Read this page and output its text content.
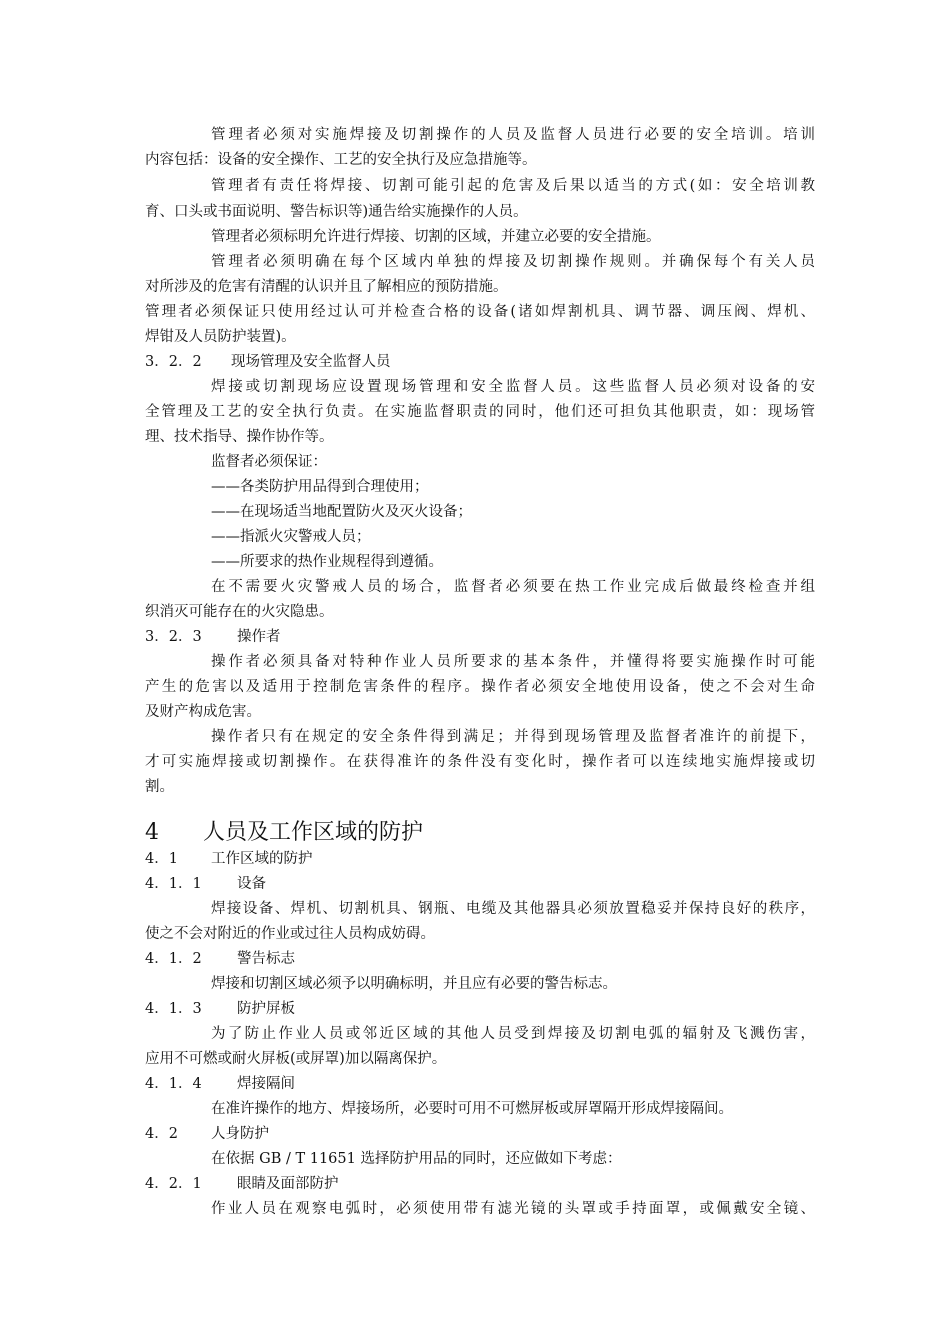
管理者必须对实施焊接及切割操作的人员及监督人员进行必要的安全培训。培训
内容包括：设备的安全操作、工艺的安全执行及应急措施等。
管理者有责任将焊接、切割可能引起的危害及后果以适当的方式(如：安全培训教
育、口头或书面说明、警告标识等)通告给实施操作的人员。
管理者必须标明允许进行焊接、切割的区域，并建立必要的安全措施。
管理者必须明确在每个区域内单独的焊接及切割操作规则。并确保每个有关人员
对所涉及的危害有清醒的认识并且了解相应的预防措施。
管理者必须保证只使用经过认可并检查合格的设备(诸如焊割机具、调节器、调压阀、焊机、
焊钳及人员防护装置)。
3．2．2 现场管理及安全监督人员
焊接或切割现场应设置现场管理和安全监督人员。这些监督人员必须对设备的安
全管理及工艺的安全执行负责。在实施监督职责的同时，他们还可担负其他职责，如：现场管
理、技术指导、操作协作等。
监督者必须保证：
——各类防护用品得到合理使用；
——在现场适当地配置防火及灭火设备；
——指派火灾警戒人员；
——所要求的热作业规程得到遵循。
在不需要火灾警戒人员的场合，监督者必须要在热工作业完成后做最终检查并组
织消灭可能存在的火灾隐患。
3．2．3 操作者
操作者必须具备对特种作业人员所要求的基本条件，并懂得将要实施操作时可能
产生的危害以及适用于控制危害条件的程序。操作者必须安全地使用设备，使之不会对生命
及财产构成危害。
操作者只有在规定的安全条件得到满足；并得到现场管理及监督者准许的前提下，
才可实施焊接或切割操作。在获得准许的条件没有变化时，操作者可以连续地实施焊接或切
割。
4 人员及工作区域的防护
4．1 工作区域的防护
4．1．1 设备
焊接设备、焊机、切割机具、钢瓶、电缆及其他器具必须放置稳妥并保持良好的秩序，
使之不会对附近的作业或过往人员构成妨碍。
4．1．2 警告标志
焊接和切割区域必须予以明确标明，并且应有必要的警告标志。
4．1．3 防护屏板
为了防止作业人员或邻近区域的其他人员受到焊接及切割电弧的辐射及飞溅伤害，
应用不可燃或耐火屏板(或屏罩)加以隔离保护。
4．1．4 焊接隔间
在准许操作的地方、焊接场所，必要时可用不可燃屏板或屏罩隔开形成焊接隔间。
4．2 人身防护
在依据 GB / T 11651 选择防护用品的同时，还应做如下考虑：
4．2．1 眼睛及面部防护
作业人员在观察电弧时，必须使用带有滤光镜的头罩或手持面罩，或佩戴安全镜、
